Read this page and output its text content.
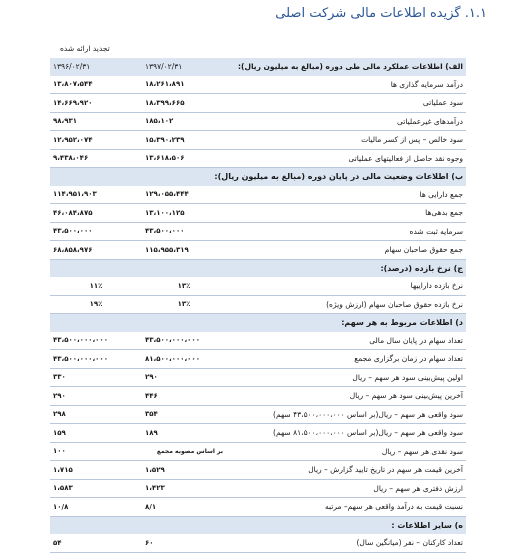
۱.۱. گزیده اطلاعات مالی شرکت اصلی
تجدید ارائه شده
۱۳۹۶/۰۲/۳۱	۱۳۹۷/۰۲/۳۱	الف) اطلاعات عملکرد مالی طی دوره (مبالغ به میلیون ریال):
۱۳،۸۰۷،۵۴۴	۱۸،۲۶۱،۸۹۱	درآمد سرمایه گذاری ها
۱۴،۶۶۹،۹۲۰	۱۸،۳۹۹،۶۶۵	سود عملیاتی
۹۸،۹۳۱	۱۸۵،۱۰۲	درآمدهای غیرعملیاتی
۱۲،۹۵۲،۰۷۴	۱۵،۳۹۰،۲۳۹	سود خالص – پس از کسر مالیات
۹،۴۳۸،۰۴۶	۱۳،۶۱۸،۵۰۶	وجوه نقد حاصل از فعالیتهای عملیاتی
ب) اطلاعات وضعیت مالی در پایان دوره (مبالغ به میلیون ریال):		
۱۱۴،۹۵۱،۹۰۳	۱۲۹،۰۵۵،۴۴۴	جمع دارایی ها
۴۶،۰۸۴،۸۷۵	۱۳،۱۰۰،۱۲۵	جمع بدهی‌ها
۴۳،۵۰۰،۰۰۰	۴۳،۵۰۰،۰۰۰	سرمایه ثبت شده
۶۸،۸۵۸،۹۷۶	۱۱۵،۹۵۵،۳۱۹	جمع حقوق صاحبان سهام
ج) نرخ بازده (درصد):		
۱۱٪	۱۳٪	نرخ بازده داراییها
۱۹٪	۱۳٪	نرخ بازده حقوق صاحبان سهام (ارزش ویژه)
د) اطلاعات مربوط به هر سهم:		
۴۳،۵۰۰،۰۰۰،۰۰۰	۴۳،۵۰۰،۰۰۰،۰۰۰	تعداد سهام در پایان سال مالی
۴۳،۵۰۰،۰۰۰،۰۰۰	۸۱،۵۰۰،۰۰۰،۰۰۰	تعداد سهام در زمان برگزاری مجمع
۳۳۰	۲۹۰	اولین پیش‌بینی سود هر سهم – ریال
۲۹۰	۴۴۶	آخرین پیش‌بینی سود هر سهم – ریال
۲۹۸	۳۵۴	سود واقعی هر سهم – ریال(بر اساس ۴۳،۵۰۰،۰۰۰،۰۰۰ سهم)
۱۵۹	۱۸۹	سود واقعی هر سهم – ریال(بر اساس ۸۱،۵۰۰،۰۰۰،۰۰۰ سهم)
۱۰۰	بر اساس مصوبه مجمع	سود نقدی هر سهم – ریال
۱،۷۱۵	۱،۵۲۹	آخرین قیمت هر سهم در تاریخ تایید گزارش – ریال
۱،۵۸۳	۱،۴۲۳	ارزش دفتری هر سهم – ریال
۱۰/۸	۸/۱	نسبت قیمت به درآمد واقعی هر سهم– مرتبه
ه) سایر اطلاعات :		
۵۴	۶۰	تعداد کارکنان – نفر (میانگین سال)
